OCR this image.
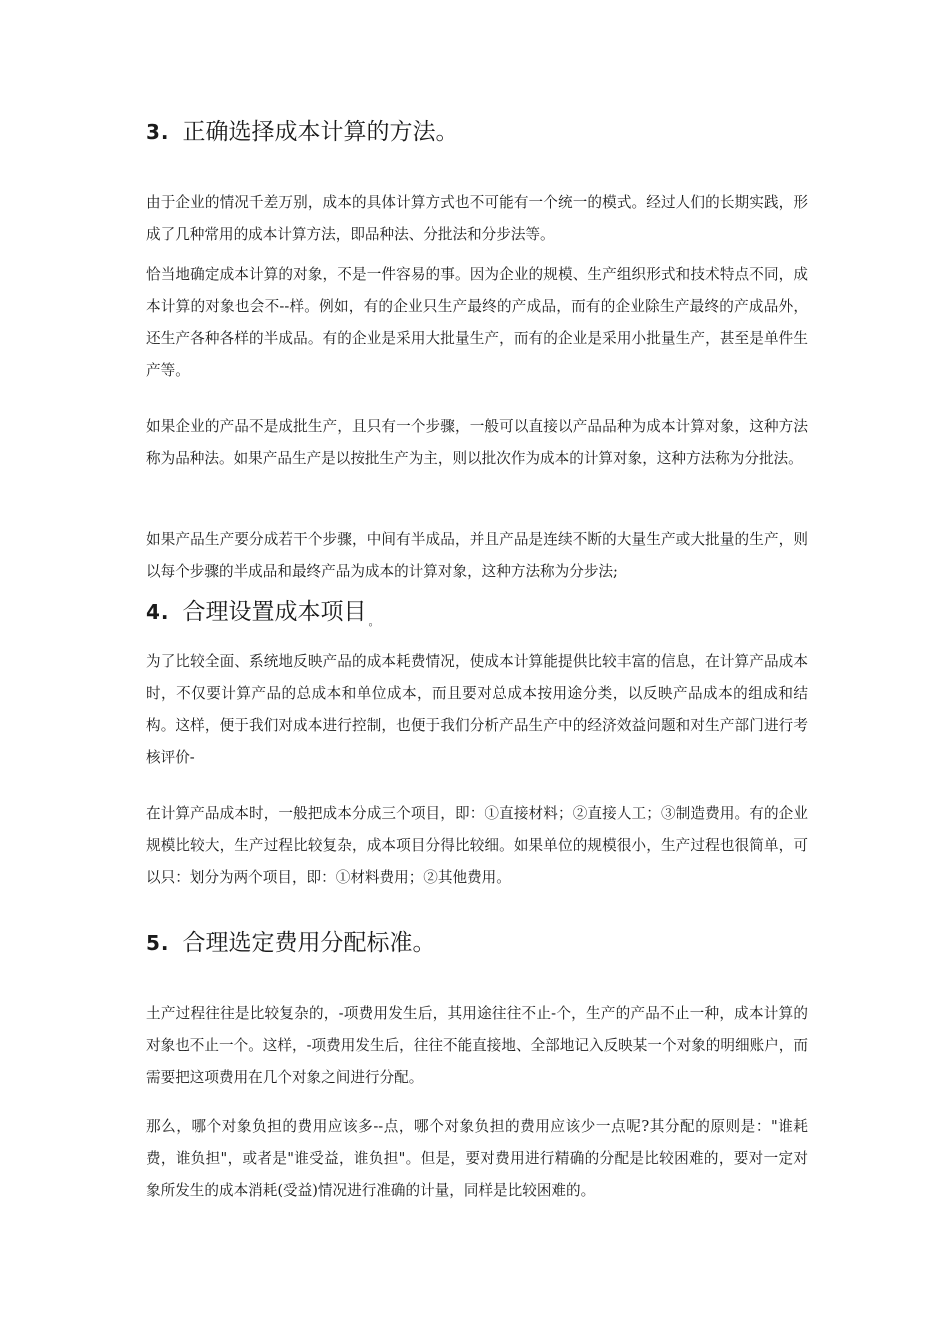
3. 正确选择成本计算的方法。

由于企业的情况千差万别，成本的具体计算方式也不可能有一个统一的模式。经过人们的长期实践，形成了几种常用的成本计算方法，即品种法、分批法和分步法等。

恰当地确定成本计算的对象，不是一件容易的事。因为企业的规模、生产组织形式和技术特点不同，成本计算的对象也会不--样。例如，有的企业只生产最终的产成品，而有的企业除生产最终的产成品外，还生产各种各样的半成品。有的企业是采用大批量生产，而有的企业是采用小批量生产，甚至是单件生产等。

如果企业的产品不是成批生产，且只有一个步骤，一般可以直接以产品品种为成本计算对象，这种方法称为品种法。如果产品生产是以按批生产为主，则以批次作为成本的计算对象，这种方法称为分批法。

如果产品生产要分成若干个步骤，中间有半成品，并且产品是连续不断的大量生产或大批量的生产，则以每个步骤的半成品和最终产品为成本的计算对象，这种方法称为分步法;

4. 合理设置成本项目 $_。$

为了比较全面、系统地反映产品的成本耗费情况，使成本计算能提供比较丰富的信息，在计算产品成本时，不仅要计算产品的总成本和单位成本，而且要对总成本按用途分类，以反映产品成本的组成和结构。这样，便于我们对成本进行控制，也便于我们分析产品生产中的经济效益问题和对生产部门进行考核评价-

在计算产品成本时，一般把成本分成三个项目，即：①直接材料；②直接人工；③制造费用。有的企业规模比较大，生产过程比较复杂，成本项目分得比较细。如果单位的规模很小，生产过程也很简单，可以只：划分为两个项目，即：①材料费用；②其他费用。

5. 合理选定费用分配标准。

土产过程往往是比较复杂的，-项费用发生后，其用途往往不止-个，生产的产品不止一种，成本计算的对象也不止一个。这样，-项费用发生后，往往不能直接地、全部地记入反映某一个对象的明细账户，而需要把这项费用在几个对象之间进行分配。

那么，哪个对象负担的费用应该多--点，哪个对象负担的费用应该少一点呢?其分配的原则是："谁耗费，谁负担"，或者是"谁受益，谁负担"。但是，要对费用进行精确的分配是比较困难的，要对一定对象所发生的成本消耗(受益)情况进行准确的计量，同样是比较困难的。
